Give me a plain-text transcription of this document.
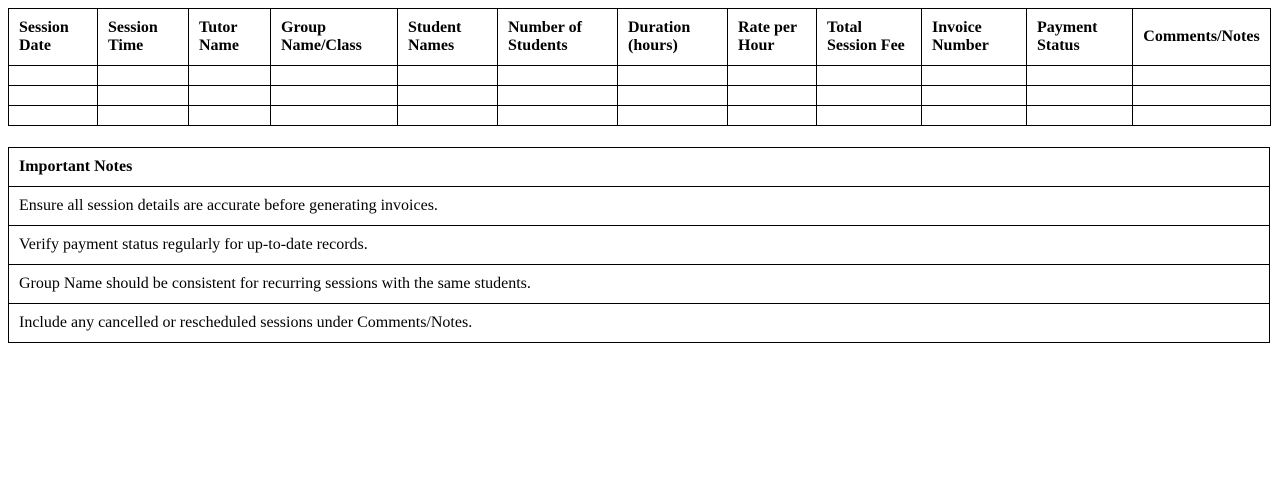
Session Date	Session Time	Tutor Name	Group Name/Class	Student Names	Number of Students	Duration (hours)	Rate per Hour	Total Session Fee	Invoice Number	Payment Status	Comments/Notes

Important Notes
Ensure all session details are accurate before generating invoices.
Verify payment status regularly for up-to-date records.
Group Name should be consistent for recurring sessions with the same students.
Include any cancelled or rescheduled sessions under Comments/Notes.
